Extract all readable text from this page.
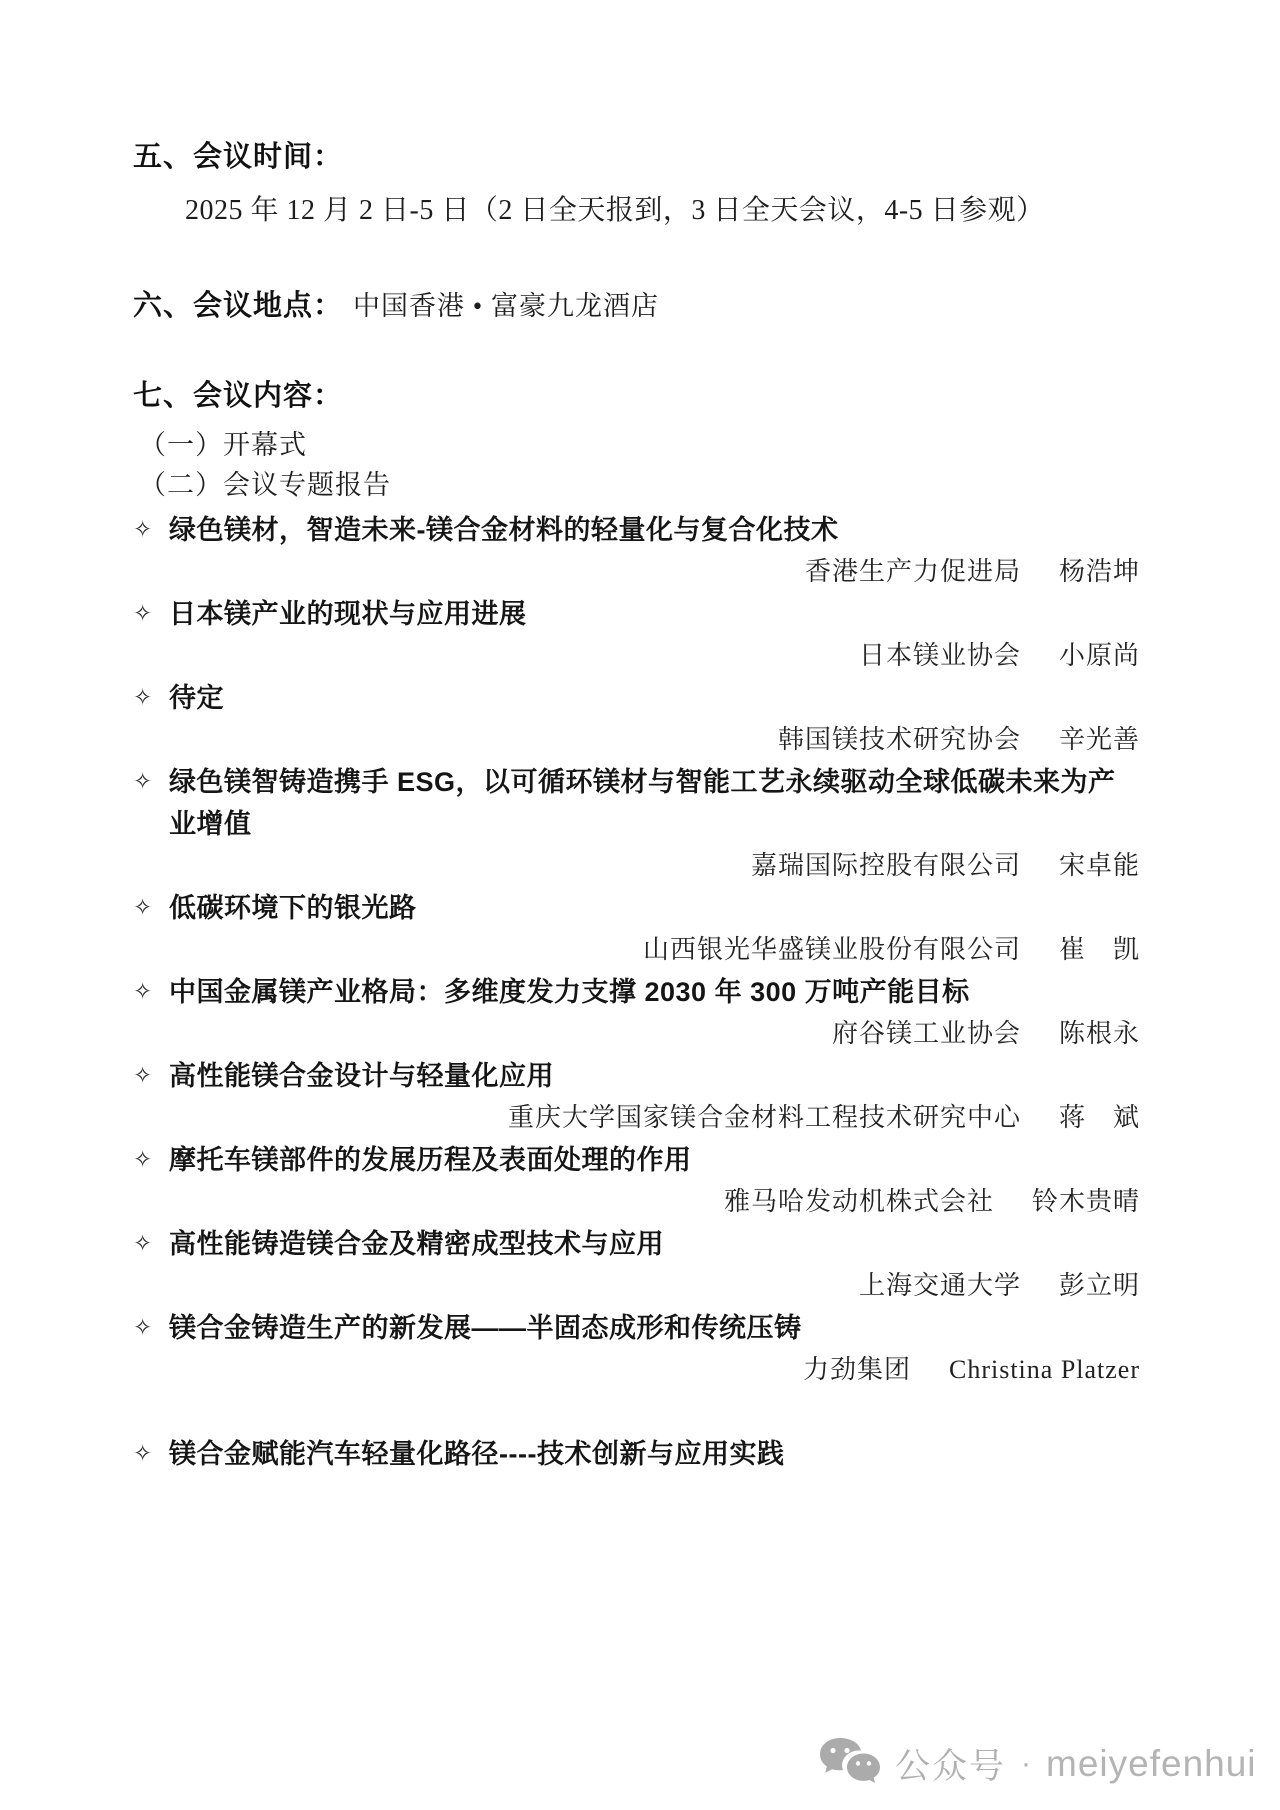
五、会议时间：
2025 年 12 月 2 日-5 日（2 日全天报到，3 日全天会议，4-5 日参观）
六、会议地点： 中国香港 • 富豪九龙酒店
七、会议内容：
（一）开幕式
（二）会议专题报告
✧ 绿色镁材，智造未来-镁合金材料的轻量化与复合化技术
香港生产力促进局 杨浩坤
✧ 日本镁产业的现状与应用进展
日本镁业协会 小原尚
✧ 待定
韩国镁技术研究协会 辛光善
✧ 绿色镁智铸造携手 ESG，以可循环镁材与智能工艺永续驱动全球低碳未来为产业增值
嘉瑞国际控股有限公司 宋卓能
✧ 低碳环境下的银光路
山西银光华盛镁业股份有限公司 崔　凯
✧ 中国金属镁产业格局：多维度发力支撑 2030 年 300 万吨产能目标
府谷镁工业协会 陈根永
✧ 高性能镁合金设计与轻量化应用
重庆大学国家镁合金材料工程技术研究中心 蒋　斌
✧ 摩托车镁部件的发展历程及表面处理的作用
雅马哈发动机株式会社 铃木贵晴
✧ 高性能铸造镁合金及精密成型技术与应用
上海交通大学 彭立明
✧ 镁合金铸造生产的新发展——半固态成形和传统压铸
力劲集团 Christina Platzer
✧ 镁合金赋能汽车轻量化路径----技术创新与应用实践
公众号 · meiyefenhui
